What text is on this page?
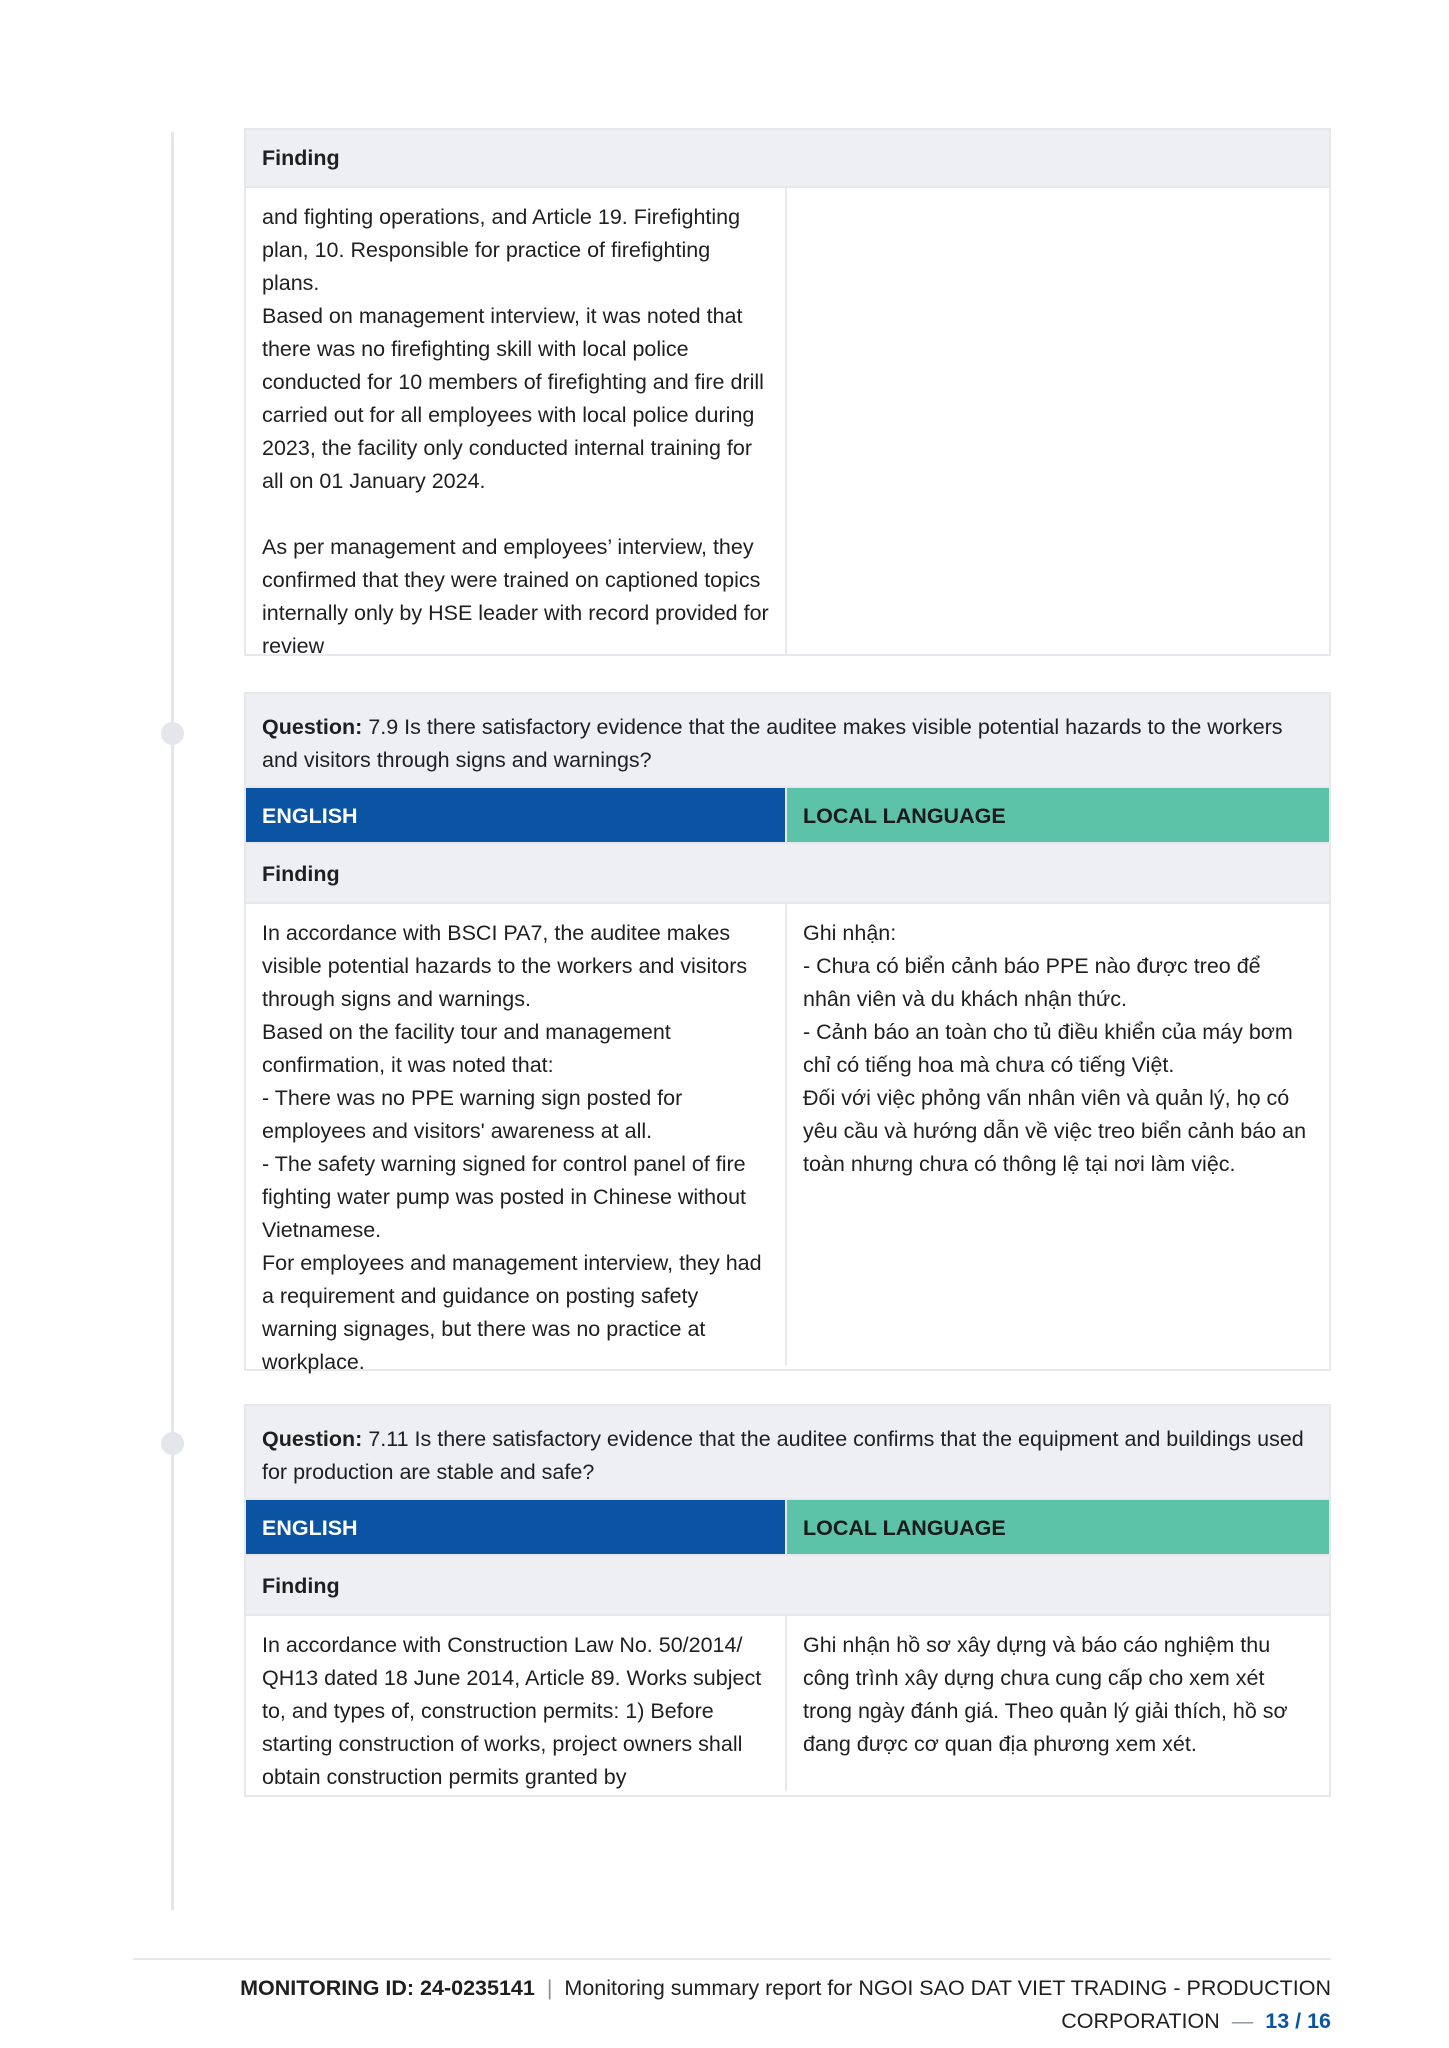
Finding
and fighting operations, and Article 19. Firefighting plan, 10. Responsible for practice of firefighting plans.
Based on management interview, it was noted that there was no firefighting skill with local police conducted for 10 members of firefighting and fire drill carried out for all employees with local police during 2023, the facility only conducted internal training for all on 01 January 2024.

As per management and employees’ interview, they confirmed that they were trained on captioned topics internally only by HSE leader with record provided for review
Question: 7.9 Is there satisfactory evidence that the auditee makes visible potential hazards to the workers and visitors through signs and warnings?
ENGLISH	LOCAL LANGUAGE
Finding
In accordance with BSCI PA7, the auditee makes visible potential hazards to the workers and visitors through signs and warnings.
Based on the facility tour and management confirmation, it was noted that:
- There was no PPE warning sign posted for employees and visitors' awareness at all.
- The safety warning signed for control panel of fire fighting water pump was posted in Chinese without Vietnamese.
For employees and management interview, they had a requirement and guidance on posting safety warning signages, but there was no practice at workplace.
Ghi nhận:
- Chưa có biển cảnh báo PPE nào được treo để nhân viên và du khách nhận thức.
- Cảnh báo an toàn cho tủ điều khiển của máy bơm chỉ có tiếng hoa mà chưa có tiếng Việt.
Đối với việc phỏng vấn nhân viên và quản lý, họ có yêu cầu và hướng dẫn về việc treo biển cảnh báo an toàn nhưng chưa có thông lệ tại nơi làm việc.
Question: 7.11 Is there satisfactory evidence that the auditee confirms that the equipment and buildings used for production are stable and safe?
ENGLISH	LOCAL LANGUAGE
Finding
In accordance with Construction Law No. 50/2014/ QH13 dated 18 June 2014, Article 89. Works subject to, and types of, construction permits: 1) Before starting construction of works, project owners shall obtain construction permits granted by
Ghi nhận hồ sơ xây dựng và báo cáo nghiệm thu công trình xây dựng chưa cung cấp cho xem xét trong ngày đánh giá. Theo quản lý giải thích, hồ sơ đang được cơ quan địa phương xem xét.
MONITORING ID: 24-0235141 | Monitoring summary report for NGOI SAO DAT VIET TRADING - PRODUCTION
CORPORATION — 13 / 16
